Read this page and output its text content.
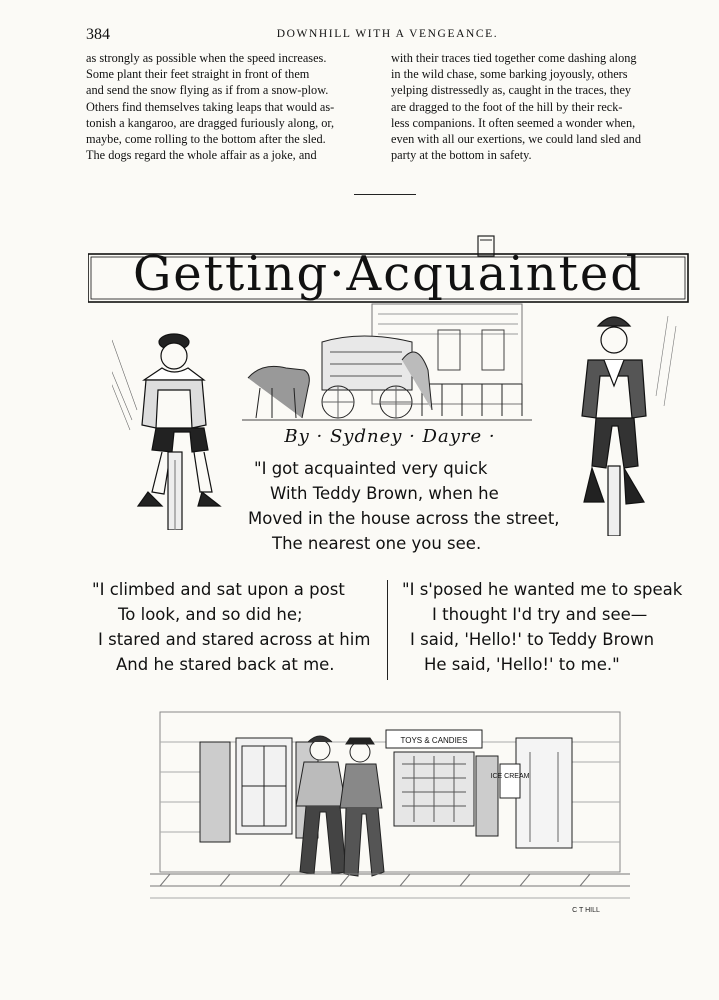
384	DOWNHILL WITH A VENGEANCE.
as strongly as possible when the speed increases.
Some plant their feet straight in front of them
and send the snow flying as if from a snow-plow.
Others find themselves taking leaps that would as-
tonish a kangaroo, are dragged furiously along, or,
maybe, come rolling to the bottom after the sled.
The dogs regard the whole affair as a joke, and
with their traces tied together come dashing along
in the wild chase, some barking joyously, others
yelping distressedly as, caught in the traces, they
are dragged to the foot of the hill by their reck-
less companions. It often seemed a wonder when,
even with all our exertions, we could land sled and
party at the bottom in safety.
Getting·Acquainted
By · Sydney · Dayre ·
"I got acquainted very quick
With Teddy Brown, when he
Moved in the house across the street,
The nearest one you see.
"I climbed and sat upon a post
To look, and so did he;
I stared and stared across at him
And he stared back at me.
"I s'posed he wanted me to speak
I thought I'd try and see—
I said, 'Hello!' to Teddy Brown
He said, 'Hello!' to me."
TOYS & CANDIES
ICE CREAM
C T HILL
